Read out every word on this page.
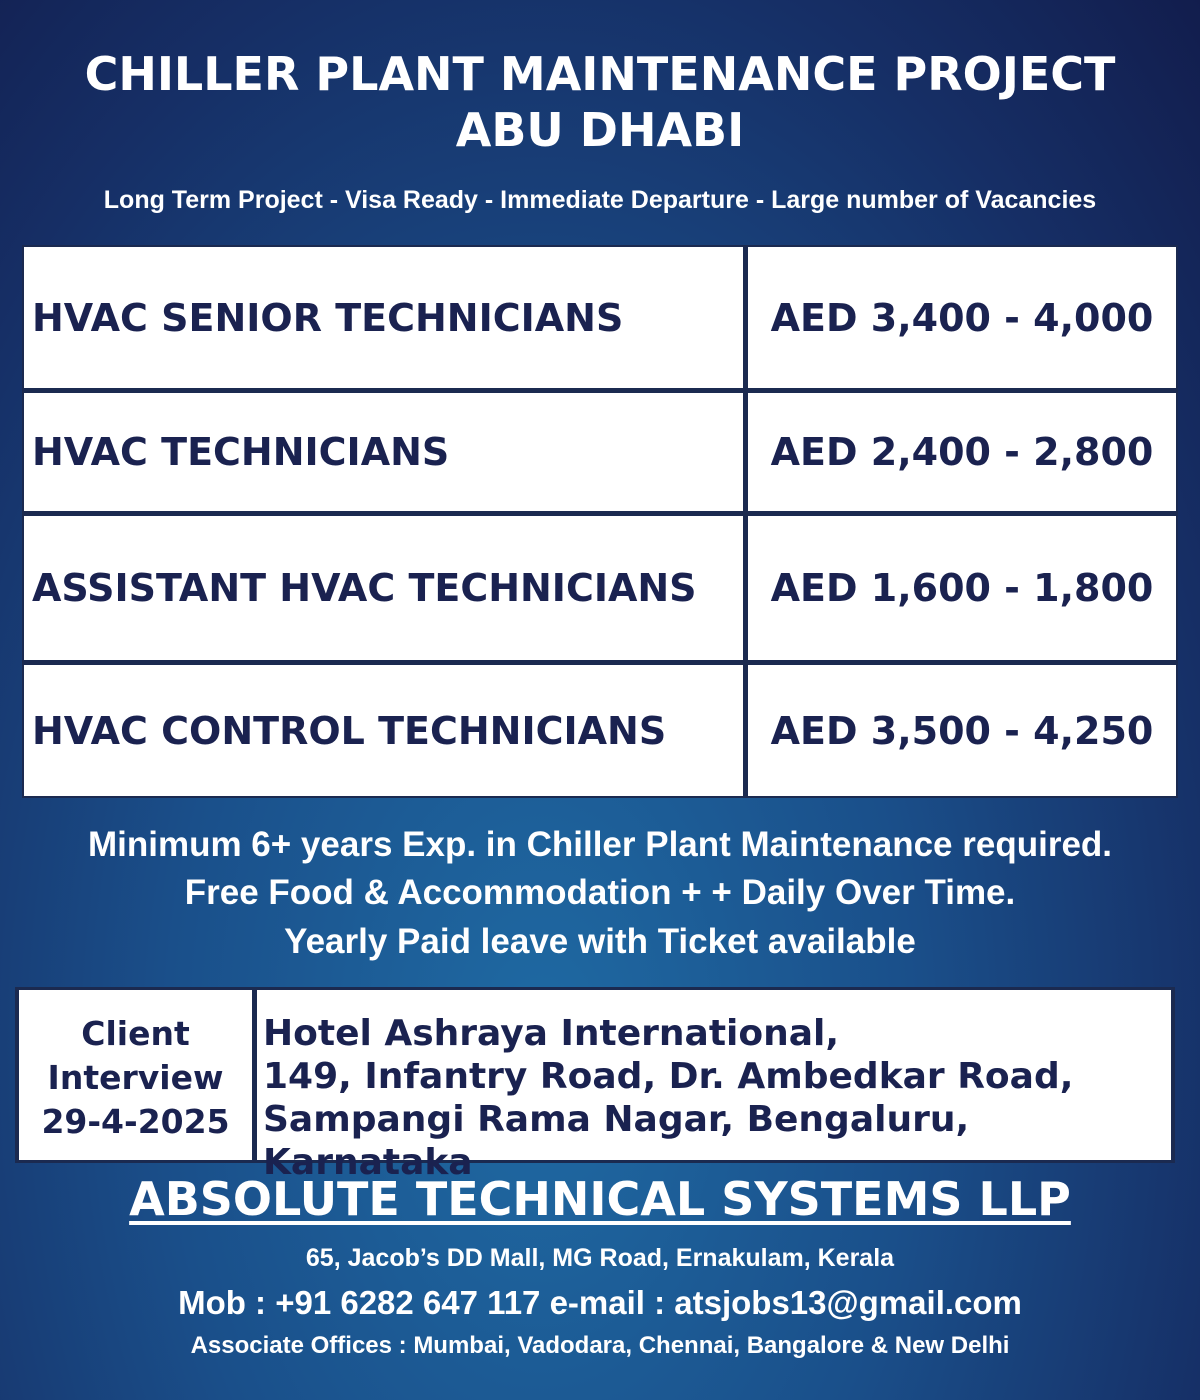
CHILLER PLANT MAINTENANCE PROJECT
ABU DHABI
Long Term Project - Visa Ready - Immediate Departure - Large number of Vacancies
HVAC SENIOR TECHNICIANS	AED 3,400 - 4,000
HVAC TECHNICIANS	AED 2,400 - 2,800
ASSISTANT HVAC TECHNICIANS	AED 1,600 - 1,800
HVAC CONTROL TECHNICIANS	AED 3,500 - 4,250
Minimum 6+ years Exp. in Chiller Plant Maintenance required.
Free Food & Accommodation + + Daily Over Time.
Yearly Paid leave with Ticket available
Client
Interview
29-4-2025
Hotel Ashraya International,
149, Infantry Road, Dr. Ambedkar Road,
Sampangi Rama Nagar, Bengaluru, Karnataka
ABSOLUTE TECHNICAL SYSTEMS LLP
65, Jacob’s DD Mall, MG Road, Ernakulam, Kerala
Mob : +91 6282 647 117 e-mail : atsjobs13@gmail.com
Associate Offices : Mumbai, Vadodara, Chennai, Bangalore & New Delhi
